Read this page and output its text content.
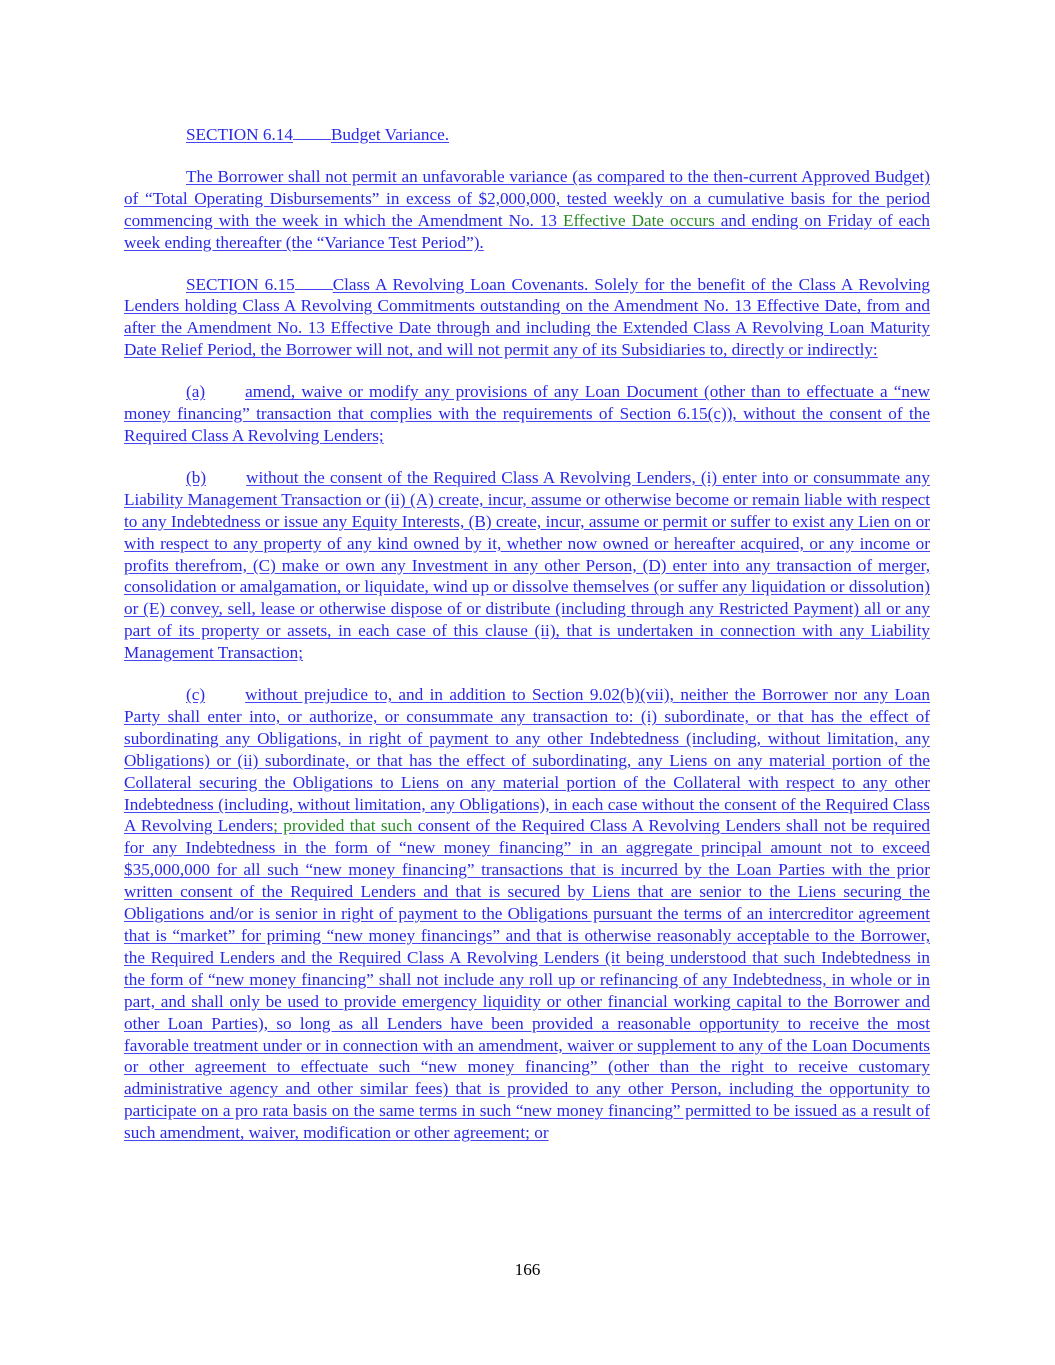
SECTION 6.14 Budget Variance.

The Borrower shall not permit an unfavorable variance (as compared to the then-current Approved Budget) of “Total Operating Disbursements” in excess of $2,000,000, tested weekly on a cumulative basis for the period commencing with the week in which the Amendment No. 13 Effective Date occurs and ending on Friday of each week ending thereafter (the “Variance Test Period”).

SECTION 6.15 Class A Revolving Loan Covenants. Solely for the benefit of the Class A Revolving Lenders holding Class A Revolving Commitments outstanding on the Amendment No. 13 Effective Date, from and after the Amendment No. 13 Effective Date through and including the Extended Class A Revolving Loan Maturity Date Relief Period, the Borrower will not, and will not permit any of its Subsidiaries to, directly or indirectly:

(a) amend, waive or modify any provisions of any Loan Document (other than to effectuate a “new money financing” transaction that complies with the requirements of Section 6.15(c)), without the consent of the Required Class A Revolving Lenders;

(b) without the consent of the Required Class A Revolving Lenders, (i) enter into or consummate any Liability Management Transaction or (ii) (A) create, incur, assume or otherwise become or remain liable with respect to any Indebtedness or issue any Equity Interests, (B) create, incur, assume or permit or suffer to exist any Lien on or with respect to any property of any kind owned by it, whether now owned or hereafter acquired, or any income or profits therefrom, (C) make or own any Investment in any other Person, (D) enter into any transaction of merger, consolidation or amalgamation, or liquidate, wind up or dissolve themselves (or suffer any liquidation or dissolution) or (E) convey, sell, lease or otherwise dispose of or distribute (including through any Restricted Payment) all or any part of its property or assets, in each case of this clause (ii), that is undertaken in connection with any Liability Management Transaction;

(c) without prejudice to, and in addition to Section 9.02(b)(vii), neither the Borrower nor any Loan Party shall enter into, or authorize, or consummate any transaction to: (i) subordinate, or that has the effect of subordinating any Obligations, in right of payment to any other Indebtedness (including, without limitation, any Obligations) or (ii) subordinate, or that has the effect of subordinating, any Liens on any material portion of the Collateral securing the Obligations to Liens on any material portion of the Collateral with respect to any other Indebtedness (including, without limitation, any Obligations), in each case without the consent of the Required Class A Revolving Lenders; provided that such consent of the Required Class A Revolving Lenders shall not be required for any Indebtedness in the form of “new money financing” in an aggregate principal amount not to exceed $35,000,000 for all such “new money financing” transactions that is incurred by the Loan Parties with the prior written consent of the Required Lenders and that is secured by Liens that are senior to the Liens securing the Obligations and/or is senior in right of payment to the Obligations pursuant the terms of an intercreditor agreement that is “market” for priming “new money financings” and that is otherwise reasonably acceptable to the Borrower, the Required Lenders and the Required Class A Revolving Lenders (it being understood that such Indebtedness in the form of “new money financing” shall not include any roll up or refinancing of any Indebtedness, in whole or in part, and shall only be used to provide emergency liquidity or other financial working capital to the Borrower and other Loan Parties), so long as all Lenders have been provided a reasonable opportunity to receive the most favorable treatment under or in connection with an amendment, waiver or supplement to any of the Loan Documents or other agreement to effectuate such “new money financing” (other than the right to receive customary administrative agency and other similar fees) that is provided to any other Person, including the opportunity to participate on a pro rata basis on the same terms in such “new money financing” permitted to be issued as a result of such amendment, waiver, modification or other agreement; or

166
